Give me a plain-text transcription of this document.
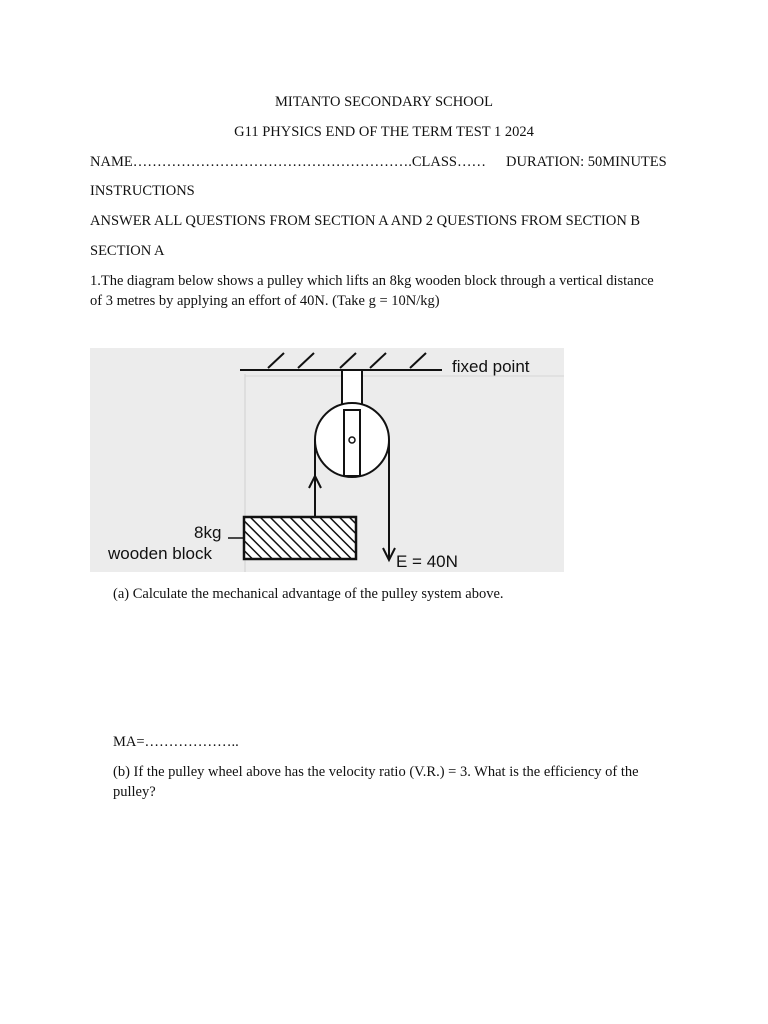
MITANTO SECONDARY SCHOOL
G11 PHYSICS END OF THE TERM TEST 1 2024
NAME………………………………………………….CLASS…… DURATION: 50MINUTES
INSTRUCTIONS
ANSWER ALL QUESTIONS FROM SECTION A AND 2 QUESTIONS FROM SECTION B
SECTION A
1.The diagram below shows a pulley which lifts an 8kg wooden block through a vertical distance
of 3 metres by applying an effort of 40N. (Take g = 10N/kg)
fixed point
8kg
wooden block	E = 40N
(a) Calculate the mechanical advantage of the pulley system above.
MA=………………..
(b) If the pulley wheel above has the velocity ratio (V.R.) = 3. What is the efficiency of the
pulley?
